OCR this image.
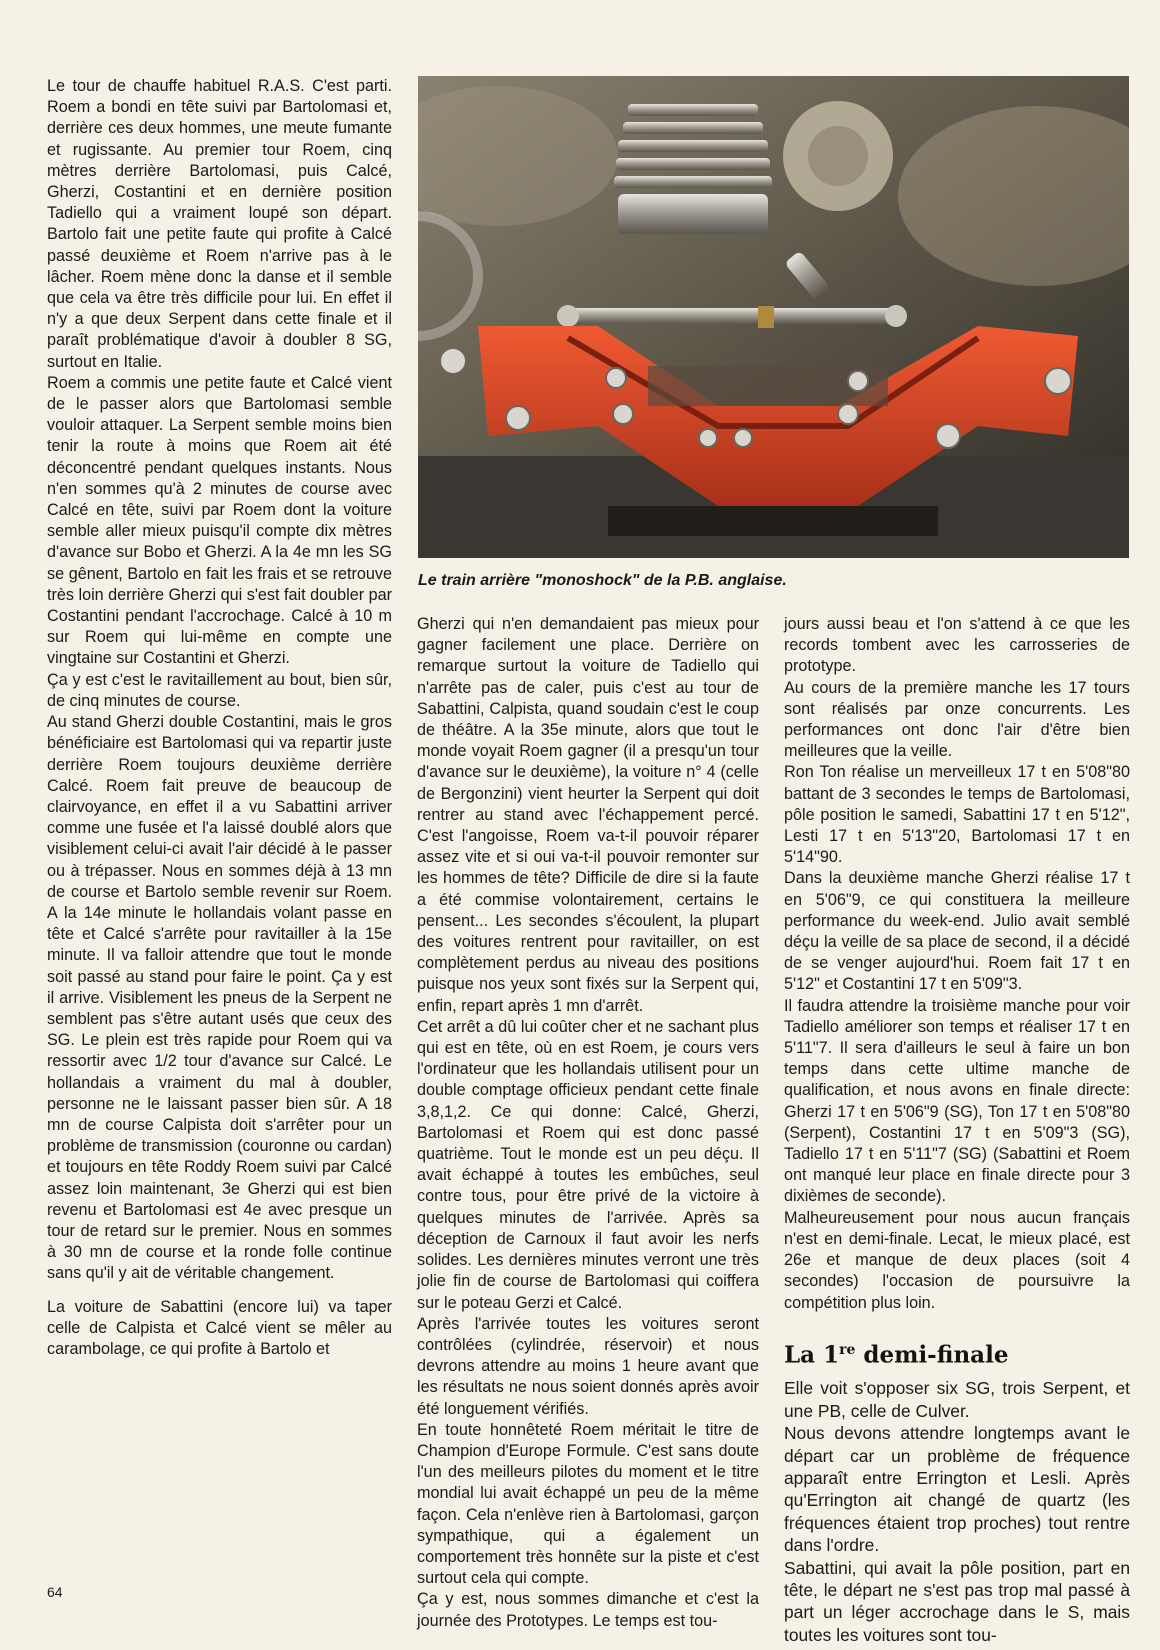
Le tour de chauffe habituel R.A.S. C'est parti. Roem a bondi en tête suivi par Bartolomasi et, derrière ces deux hommes, une meute fumante et rugissante. Au premier tour Roem, cinq mètres derrière Bartolomasi, puis Calcé, Gherzi, Costantini et en dernière position Tadiello qui a vraiment loupé son départ. Bartolo fait une petite faute qui profite à Calcé passé deuxième et Roem n'arrive pas à le lâcher. Roem mène donc la danse et il semble que cela va être très difficile pour lui. En effet il n'y a que deux Serpent dans cette finale et il paraît problématique d'avoir à doubler 8 SG, surtout en Italie.

Roem a commis une petite faute et Calcé vient de le passer alors que Bartolomasi semble vouloir attaquer. La Serpent semble moins bien tenir la route à moins que Roem ait été déconcentré pendant quelques instants. Nous n'en sommes qu'à 2 minutes de course avec Calcé en tête, suivi par Roem dont la voiture semble aller mieux puisqu'il compte dix mètres d'avance sur Bobo et Gherzi. A la 4e mn les SG se gênent, Bartolo en fait les frais et se retrouve très loin derrière Gherzi qui s'est fait doubler par Costantini pendant l'accrochage. Calcé à 10 m sur Roem qui lui-même en compte une vingtaine sur Costantini et Gherzi.

Ça y est c'est le ravitaillement au bout, bien sûr, de cinq minutes de course.

Au stand Gherzi double Costantini, mais le gros bénéficiaire est Bartolomasi qui va repartir juste derrière Roem toujours deuxième derrière Calcé. Roem fait preuve de beaucoup de clairvoyance, en effet il a vu Sabattini arriver comme une fusée et l'a laissé doublé alors que visiblement celui-ci avait l'air décidé à le passer ou à trépasser. Nous en sommes déjà à 13 mn de course et Bartolo semble revenir sur Roem. A la 14e minute le hollandais volant passe en tête et Calcé s'arrête pour ravitailler à la 15e minute. Il va falloir attendre que tout le monde soit passé au stand pour faire le point. Ça y est il arrive. Visiblement les pneus de la Serpent ne semblent pas s'être autant usés que ceux des SG. Le plein est très rapide pour Roem qui va ressortir avec 1/2 tour d'avance sur Calcé. Le hollandais a vraiment du mal à doubler, personne ne le laissant passer bien sûr. A 18 mn de course Calpista doit s'arrêter pour un problème de transmission (couronne ou cardan) et toujours en tête Roddy Roem suivi par Calcé assez loin maintenant, 3e Gherzi qui est bien revenu et Bartolomasi est 4e avec presque un tour de retard sur le premier. Nous en sommes à 30 mn de course et la ronde folle continue sans qu'il y ait de véritable changement.

La voiture de Sabattini (encore lui) va taper celle de Calpista et Calcé vient se mêler au carambolage, ce qui profite à Bartolo et

Le train arrière "monoshock" de la P.B. anglaise.

Gherzi qui n'en demandaient pas mieux pour gagner facilement une place. Derrière on remarque surtout la voiture de Tadiello qui n'arrête pas de caler, puis c'est au tour de Sabattini, Calpista, quand soudain c'est le coup de théâtre. A la 35e minute, alors que tout le monde voyait Roem gagner (il a presqu'un tour d'avance sur le deuxième), la voiture n° 4 (celle de Bergonzini) vient heurter la Serpent qui doit rentrer au stand avec l'échappement percé. C'est l'angoisse, Roem va-t-il pouvoir réparer assez vite et si oui va-t-il pouvoir remonter sur les hommes de tête? Difficile de dire si la faute a été commise volontairement, certains le pensent... Les secondes s'écoulent, la plupart des voitures rentrent pour ravitailler, on est complètement perdus au niveau des positions puisque nos yeux sont fixés sur la Serpent qui, enfin, repart après 1 mn d'arrêt.

Cet arrêt a dû lui coûter cher et ne sachant plus qui est en tête, où en est Roem, je cours vers l'ordinateur que les hollandais utilisent pour un double comptage officieux pendant cette finale 3,8,1,2. Ce qui donne: Calcé, Gherzi, Bartolomasi et Roem qui est donc passé quatrième. Tout le monde est un peu déçu. Il avait échappé à toutes les embûches, seul contre tous, pour être privé de la victoire à quelques minutes de l'arrivée. Après sa déception de Carnoux il faut avoir les nerfs solides. Les dernières minutes verront une très jolie fin de course de Bartolomasi qui coiffera sur le poteau Gerzi et Calcé.

Après l'arrivée toutes les voitures seront contrôlées (cylindrée, réservoir) et nous devrons attendre au moins 1 heure avant que les résultats ne nous soient donnés après avoir été longuement vérifiés.

En toute honnêteté Roem méritait le titre de Champion d'Europe Formule. C'est sans doute l'un des meilleurs pilotes du moment et le titre mondial lui avait échappé un peu de la même façon. Cela n'enlève rien à Bartolomasi, garçon sympathique, qui a également un comportement très honnête sur la piste et c'est surtout cela qui compte.

Ça y est, nous sommes dimanche et c'est la journée des Prototypes. Le temps est tou-

jours aussi beau et l'on s'attend à ce que les records tombent avec les carrosseries de prototype.

Au cours de la première manche les 17 tours sont réalisés par onze concurrents. Les performances ont donc l'air d'être bien meilleures que la veille.

Ron Ton réalise un merveilleux 17 t en 5'08"80 battant de 3 secondes le temps de Bartolomasi, pôle position le samedi, Sabattini 17 t en 5'12", Lesti 17 t en 5'13"20, Bartolomasi 17 t en 5'14"90.

Dans la deuxième manche Gherzi réalise 17 t en 5'06"9, ce qui constituera la meilleure performance du week-end. Julio avait semblé déçu la veille de sa place de second, il a décidé de se venger aujourd'hui. Roem fait 17 t en 5'12" et Costantini 17 t en 5'09"3.

Il faudra attendre la troisième manche pour voir Tadiello améliorer son temps et réaliser 17 t en 5'11"7. Il sera d'ailleurs le seul à faire un bon temps dans cette ultime manche de qualification, et nous avons en finale directe: Gherzi 17 t en 5'06"9 (SG), Ton 17 t en 5'08"80 (Serpent), Costantini 17 t en 5'09"3 (SG), Tadiello 17 t en 5'11"7 (SG) (Sabattini et Roem ont manqué leur place en finale directe pour 3 dixièmes de seconde).

Malheureusement pour nous aucun français n'est en demi-finale. Lecat, le mieux placé, est 26e et manque de deux places (soit 4 secondes) l'occasion de poursuivre la compétition plus loin.

La 1re demi-finale

Elle voit s'opposer six SG, trois Serpent, et une PB, celle de Culver.

Nous devons attendre longtemps avant le départ car un problème de fréquence apparaît entre Errington et Lesli. Après qu'Errington ait changé de quartz (les fréquences étaient trop proches) tout rentre dans l'ordre.

Sabattini, qui avait la pôle position, part en tête, le départ ne s'est pas trop mal passé à part un léger accrochage dans le S, mais toutes les voitures sont tou-

64
